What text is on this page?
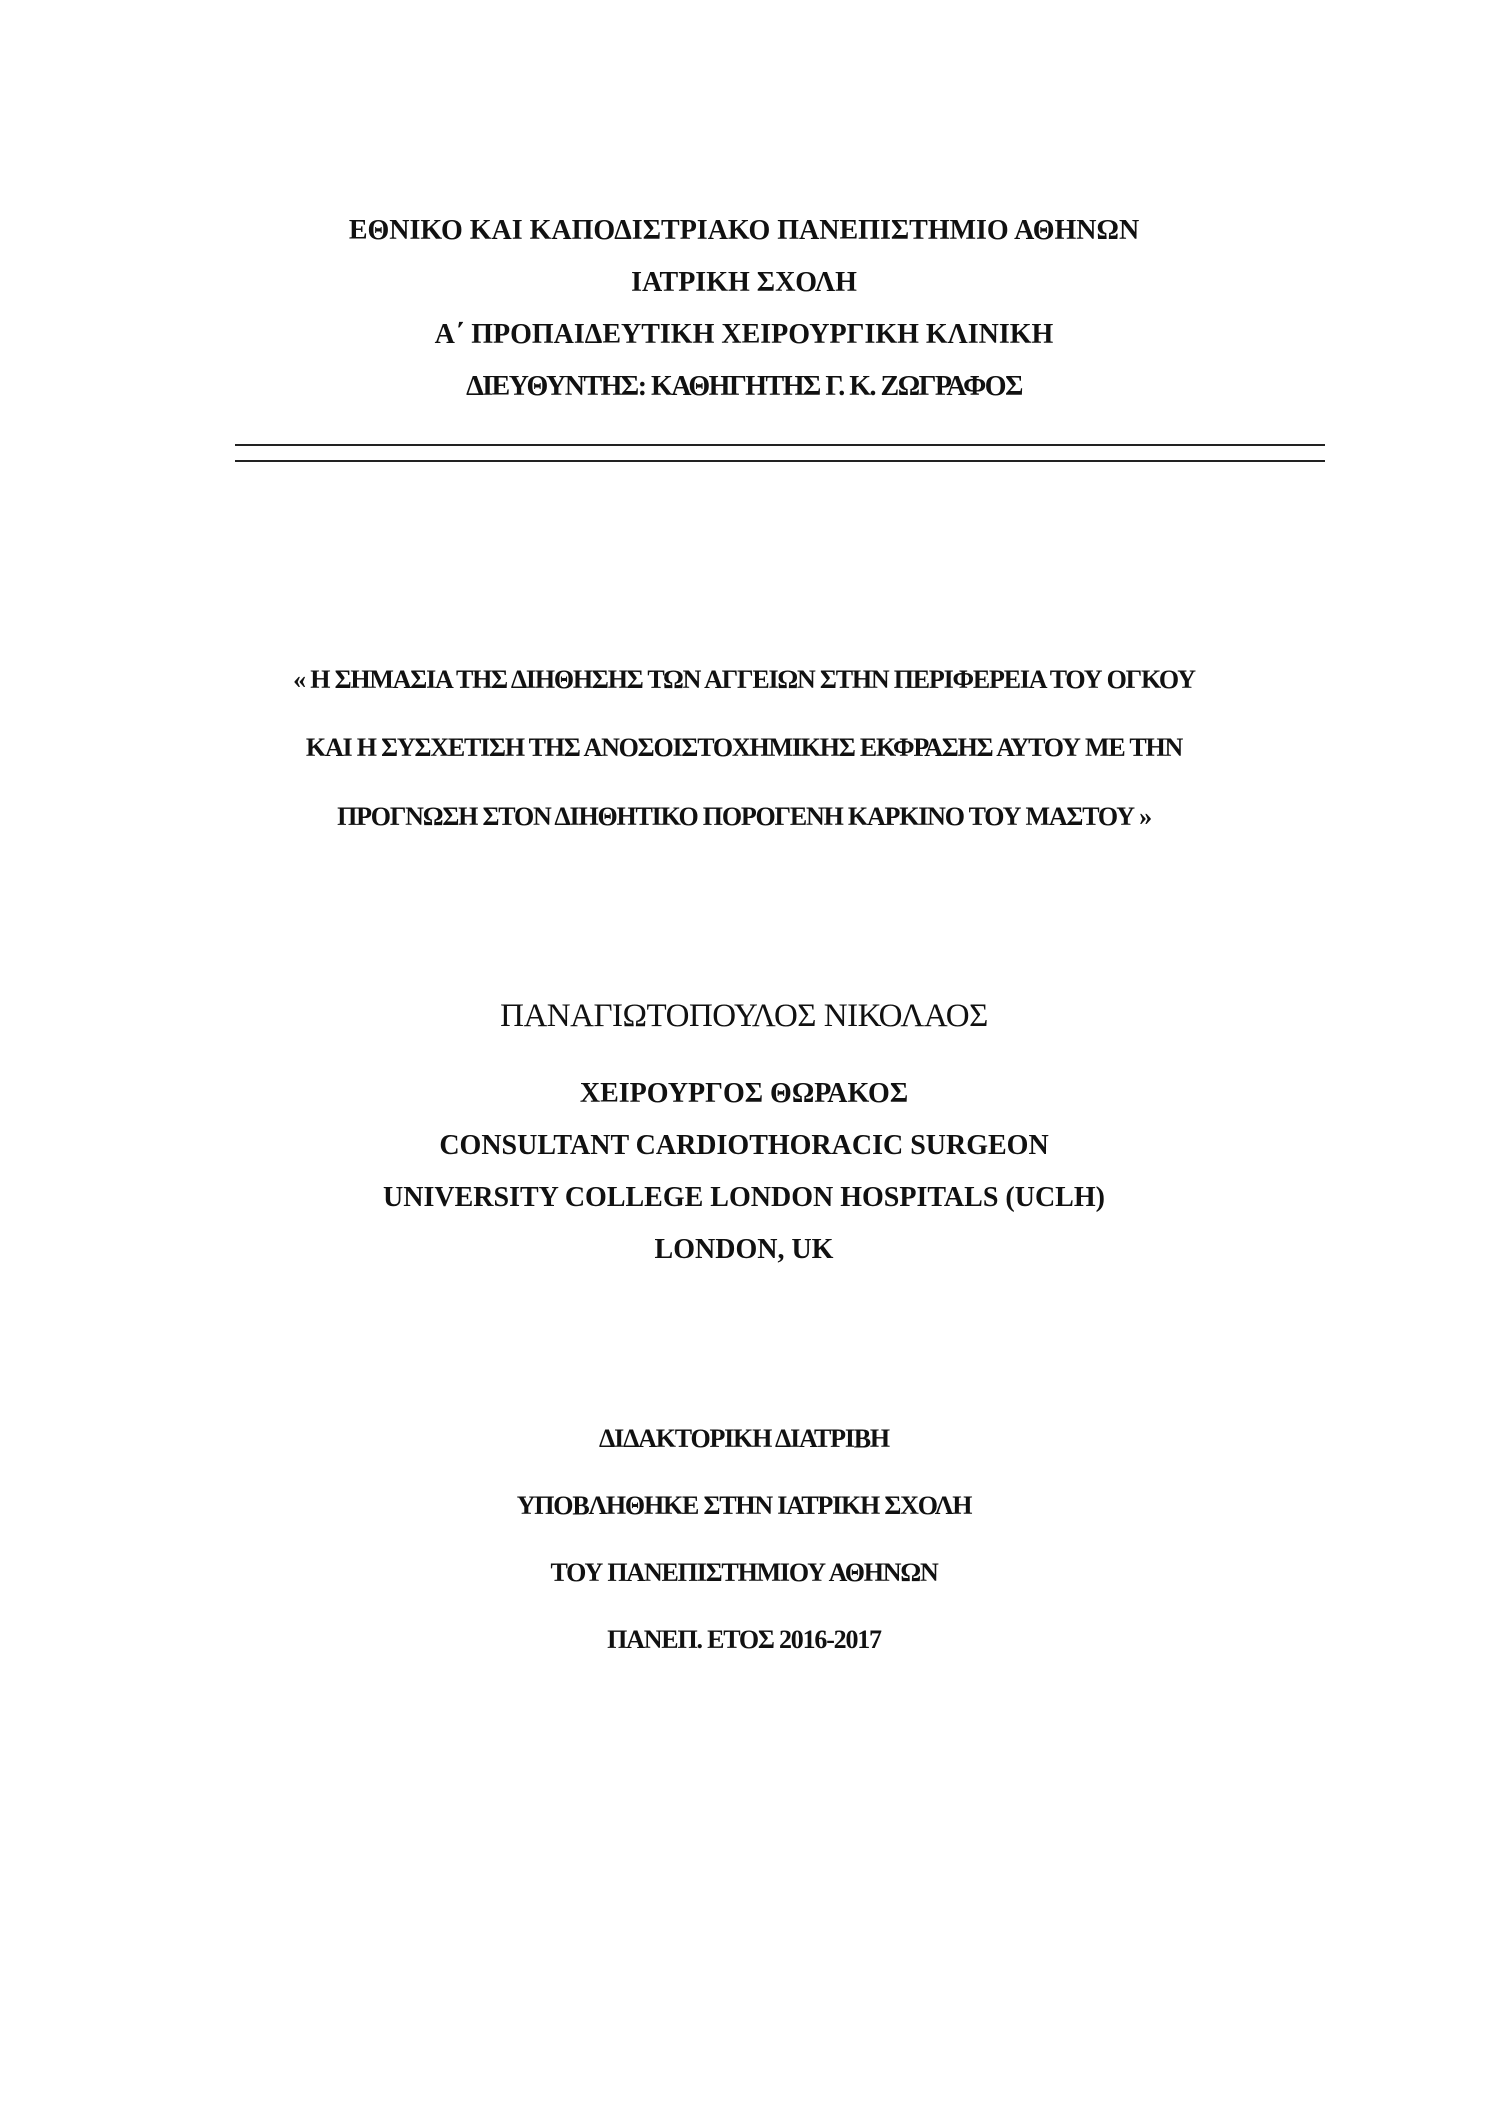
ΕΘΝΙΚΟ ΚΑΙ ΚΑΠΟΔΙΣΤΡΙΑΚΟ ΠΑΝΕΠΙΣΤΗΜΙΟ ΑΘΗΝΩΝ
ΙΑΤΡΙΚΗ ΣΧΟΛΗ
Α΄ ΠΡΟΠΑΙΔΕΥΤΙΚΗ ΧΕΙΡΟΥΡΓΙΚΗ ΚΛΙΝΙΚΗ
ΔΙΕΥΘΥΝΤΗΣ: ΚΑΘΗΓΗΤΗΣ Γ. Κ. ΖΩΓΡΑΦΟΣ
« Η ΣΗΜΑΣΙΑ ΤΗΣ ΔΙΗΘΗΣΗΣ ΤΩΝ ΑΓΓΕΙΩΝ ΣΤΗΝ ΠΕΡΙΦΕΡΕΙΑ ΤΟΥ ΟΓΚΟΥ
ΚΑΙ Η ΣΥΣΧΕΤΙΣΗ ΤΗΣ ΑΝΟΣΟΙΣΤΟΧΗΜΙΚΗΣ ΕΚΦΡΑΣΗΣ ΑΥΤΟΥ ΜΕ ΤΗΝ
ΠΡΟΓΝΩΣΗ ΣΤΟΝ ΔΙΗΘΗΤΙΚΟ ΠΟΡΟΓΕΝΗ ΚΑΡΚΙΝΟ ΤΟΥ ΜΑΣΤΟΥ »
ΠΑΝΑΓΙΩΤΟΠΟΥΛΟΣ ΝΙΚΟΛΑΟΣ
ΧΕΙΡΟΥΡΓΟΣ ΘΩΡΑΚΟΣ
CONSULTANT CARDIOTHORACIC SURGEON
UNIVERSITY COLLEGE LONDON HOSPITALS (UCLH)
LONDON, UK
ΔΙΔΑΚΤΟΡΙΚΗ ΔΙΑΤΡΙΒΗ
ΥΠΟΒΛΗΘΗΚΕ ΣΤΗΝ ΙΑΤΡΙΚΗ ΣΧΟΛΗ
ΤΟΥ ΠΑΝΕΠΙΣΤΗΜΙΟΥ ΑΘΗΝΩΝ
ΠΑΝΕΠ. ΕΤΟΣ 2016-2017
